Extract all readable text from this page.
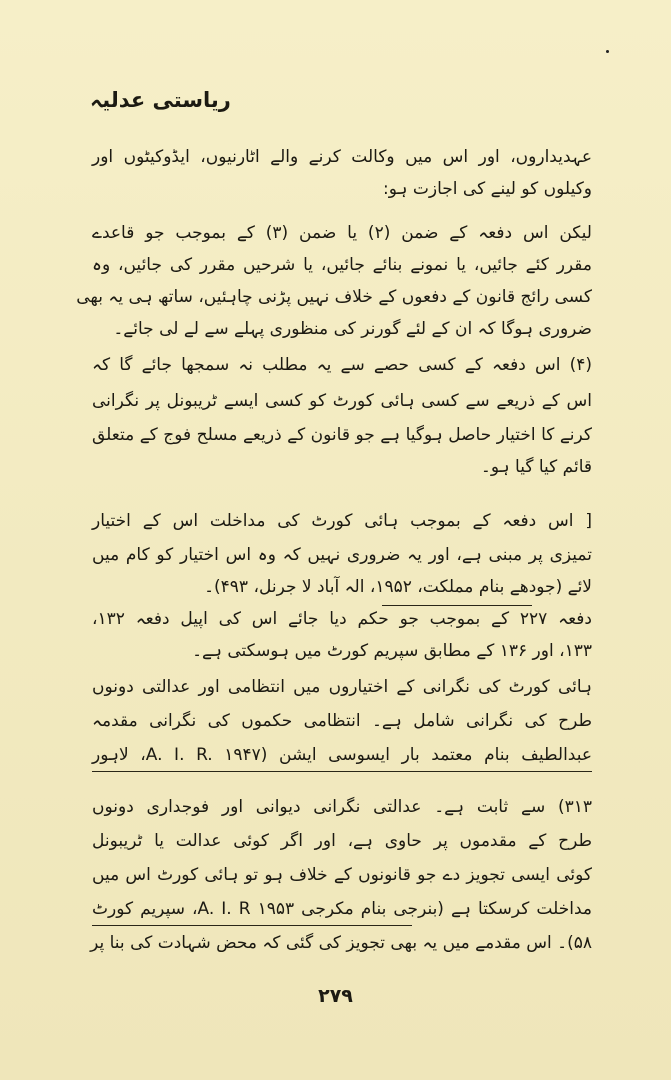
ریاستی عدلیہ
عہدیداروں، اور اس میں وکالت کرنے والے اٹارنیوں، ایڈوکیٹوں اور
وکیلوں کو لینے کی اجازت ہو:
لیکن اس دفعہ کے ضمن (۲) یا ضمن (۳) کے بموجب جو قاعدے
مقرر کئے جائیں، یا نمونے بنائے جائیں، یا شرحیں مقرر کی جائیں، وہ
کسی رائج قانون کے دفعوں کے خلاف نہیں پڑنی چاہئیں، ساتھ ہی یہ بھی
ضروری ہوگا کہ ان کے لئے گورنر کی منظوری پہلے سے لے لی جائے۔
(۴) اس دفعہ کے کسی حصے سے یہ مطلب نہ سمجھا جائے گا کہ
اس کے ذریعے سے کسی ہائی کورٹ کو کسی ایسے ٹریبونل پر نگرانی
کرنے کا اختیار حاصل ہوگیا ہے جو قانون کے ذریعے مسلح فوج کے متعلق
قائم کیا گیا ہو۔
[ اس دفعہ کے بموجب ہائی کورٹ کی مداخلت اس کے اختیار
تمیزی پر مبنی ہے، اور یہ ضروری نہیں کہ وہ اس اختیار کو کام میں
لائے (جودھے بنام مملکت، ۱۹۵۲، الہ آباد لا جرنل، ۴۹۳)۔
دفعہ ۲۲۷ کے بموجب جو حکم دیا جائے اس کی اپیل دفعہ ۱۳۲،
۱۳۳، اور ۱۳۶ کے مطابق سپریم کورٹ میں ہوسکتی ہے۔
ہائی کورٹ کی نگرانی کے اختیاروں میں انتظامی اور عدالتی دونوں
طرح کی نگرانی شامل ہے۔ انتظامی حکموں کی نگرانی مقدمہ
عبدالطیف بنام معتمد بار ایسوسی ایشن (A. I. R. ۱۹۴۷، لاہور
۳۱۳) سے ثابت ہے۔ عدالتی نگرانی دیوانی اور فوجداری دونوں
طرح کے مقدموں پر حاوی ہے، اور اگر کوئی عدالت یا ٹریبونل
کوئی ایسی تجویز دے جو قانونوں کے خلاف ہو تو ہائی کورٹ اس میں
مداخلت کرسکتا ہے (بنرجی بنام مکرجی A. I. R ۱۹۵۳، سپریم کورٹ
۵۸)۔ اس مقدمے میں یہ بھی تجویز کی گئی کہ محض شہادت کی بنا پر
۲۷۹
